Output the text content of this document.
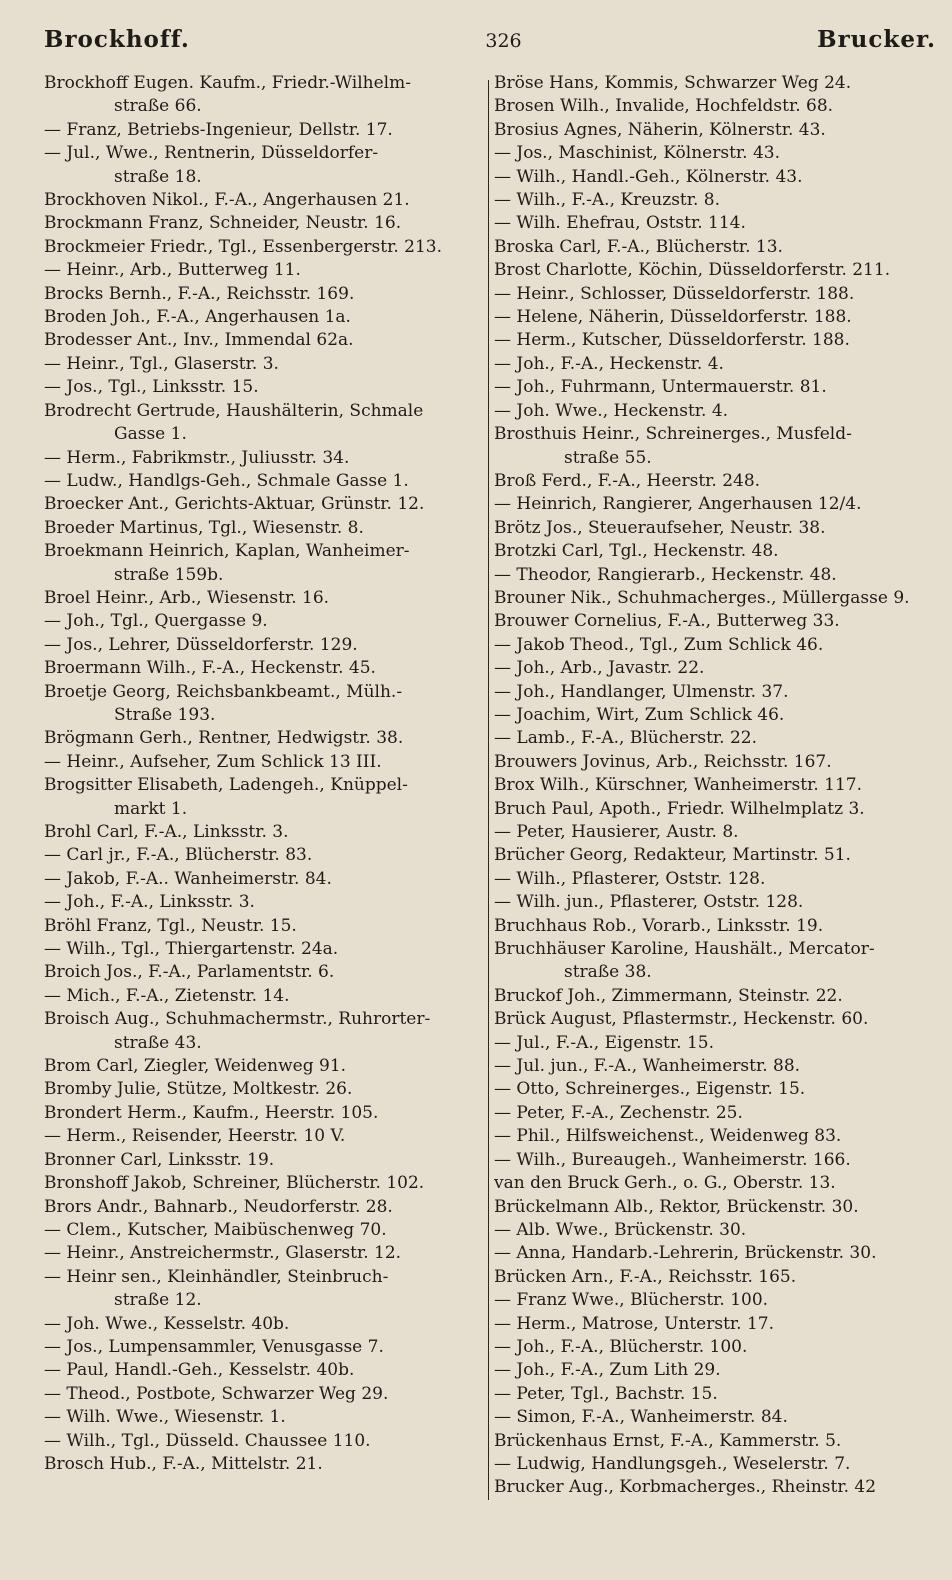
Brockhoff.	326	Brucker.
Brockhoff Eugen. Kaufm., Friedr.-Wilhelm-
straße 66.
— Franz, Betriebs-Ingenieur, Dellstr. 17.
— Jul., Wwe., Rentnerin, Düsseldorfer-
straße 18.
Brockhoven Nikol., F.-A., Angerhausen 21.
Brockmann Franz, Schneider, Neustr. 16.
Brockmeier Friedr., Tgl., Essenbergerstr. 213.
— Heinr., Arb., Butterweg 11.
Brocks Bernh., F.-A., Reichsstr. 169.
Broden Joh., F.-A., Angerhausen 1a.
Brodesser Ant., Inv., Immendal 62a.
— Heinr., Tgl., Glaserstr. 3.
— Jos., Tgl., Linksstr. 15.
Brodrecht Gertrude, Haushälterin, Schmale
Gasse 1.
— Herm., Fabrikmstr., Juliusstr. 34.
— Ludw., Handlgs-Geh., Schmale Gasse 1.
Broecker Ant., Gerichts-Aktuar, Grünstr. 12.
Broeder Martinus, Tgl., Wiesenstr. 8.
Broekmann Heinrich, Kaplan, Wanheimer-
straße 159b.
Broel Heinr., Arb., Wiesenstr. 16.
— Joh., Tgl., Quergasse 9.
— Jos., Lehrer, Düsseldorferstr. 129.
Broermann Wilh., F.-A., Heckenstr. 45.
Broetje Georg, Reichsbankbeamt., Mülh.-
Straße 193.
Brögmann Gerh., Rentner, Hedwigstr. 38.
— Heinr., Aufseher, Zum Schlick 13 III.
Brogsitter Elisabeth, Ladengeh., Knüppel-
markt 1.
Brohl Carl, F.-A., Linksstr. 3.
— Carl jr., F.-A., Blücherstr. 83.
— Jakob, F.-A.. Wanheimerstr. 84.
— Joh., F.-A., Linksstr. 3.
Bröhl Franz, Tgl., Neustr. 15.
— Wilh., Tgl., Thiergartenstr. 24a.
Broich Jos., F.-A., Parlamentstr. 6.
— Mich., F.-A., Zietenstr. 14.
Broisch Aug., Schuhmachermstr., Ruhrorter-
straße 43.
Brom Carl, Ziegler, Weidenweg 91.
Bromby Julie, Stütze, Moltkestr. 26.
Brondert Herm., Kaufm., Heerstr. 105.
— Herm., Reisender, Heerstr. 10 V.
Bronner Carl, Linksstr. 19.
Bronshoff Jakob, Schreiner, Blücherstr. 102.
Brors Andr., Bahnarb., Neudorferstr. 28.
— Clem., Kutscher, Maibüschenweg 70.
— Heinr., Anstreichermstr., Glaserstr. 12.
— Heinr sen., Kleinhändler, Steinbruch-
straße 12.
— Joh. Wwe., Kesselstr. 40b.
— Jos., Lumpensammler, Venusgasse 7.
— Paul, Handl.-Geh., Kesselstr. 40b.
— Theod., Postbote, Schwarzer Weg 29.
— Wilh. Wwe., Wiesenstr. 1.
— Wilh., Tgl., Düsseld. Chaussee 110.
Brosch Hub., F.-A., Mittelstr. 21.
Bröse Hans, Kommis, Schwarzer Weg 24.
Brosen Wilh., Invalide, Hochfeldstr. 68.
Brosius Agnes, Näherin, Kölnerstr. 43.
— Jos., Maschinist, Kölnerstr. 43.
— Wilh., Handl.-Geh., Kölnerstr. 43.
— Wilh., F.-A., Kreuzstr. 8.
— Wilh. Ehefrau, Oststr. 114.
Broska Carl, F.-A., Blücherstr. 13.
Brost Charlotte, Köchin, Düsseldorferstr. 211.
— Heinr., Schlosser, Düsseldorferstr. 188.
— Helene, Näherin, Düsseldorferstr. 188.
— Herm., Kutscher, Düsseldorferstr. 188.
— Joh., F.-A., Heckenstr. 4.
— Joh., Fuhrmann, Untermauerstr. 81.
— Joh. Wwe., Heckenstr. 4.
Brosthuis Heinr., Schreinerges., Musfeld-
straße 55.
Broß Ferd., F.-A., Heerstr. 248.
— Heinrich, Rangierer, Angerhausen 12/4.
Brötz Jos., Steueraufseher, Neustr. 38.
Brotzki Carl, Tgl., Heckenstr. 48.
— Theodor, Rangierarb., Heckenstr. 48.
Brouner Nik., Schuhmacherges., Müllergasse 9.
Brouwer Cornelius, F.-A., Butterweg 33.
— Jakob Theod., Tgl., Zum Schlick 46.
— Joh., Arb., Javastr. 22.
— Joh., Handlanger, Ulmenstr. 37.
— Joachim, Wirt, Zum Schlick 46.
— Lamb., F.-A., Blücherstr. 22.
Brouwers Jovinus, Arb., Reichsstr. 167.
Brox Wilh., Kürschner, Wanheimerstr. 117.
Bruch Paul, Apoth., Friedr. Wilhelmplatz 3.
— Peter, Hausierer, Austr. 8.
Brücher Georg, Redakteur, Martinstr. 51.
— Wilh., Pflasterer, Oststr. 128.
— Wilh. jun., Pflasterer, Oststr. 128.
Bruchhaus Rob., Vorarb., Linksstr. 19.
Bruchhäuser Karoline, Haushält., Mercator-
straße 38.
Bruckof Joh., Zimmermann, Steinstr. 22.
Brück August, Pflastermstr., Heckenstr. 60.
— Jul., F.-A., Eigenstr. 15.
— Jul. jun., F.-A., Wanheimerstr. 88.
— Otto, Schreinerges., Eigenstr. 15.
— Peter, F.-A., Zechenstr. 25.
— Phil., Hilfsweichenst., Weidenweg 83.
— Wilh., Bureaugeh., Wanheimerstr. 166.
van den Bruck Gerh., o. G., Oberstr. 13.
Brückelmann Alb., Rektor, Brückenstr. 30.
— Alb. Wwe., Brückenstr. 30.
— Anna, Handarb.-Lehrerin, Brückenstr. 30.
Brücken Arn., F.-A., Reichsstr. 165.
— Franz Wwe., Blücherstr. 100.
— Herm., Matrose, Unterstr. 17.
— Joh., F.-A., Blücherstr. 100.
— Joh., F.-A., Zum Lith 29.
— Peter, Tgl., Bachstr. 15.
— Simon, F.-A., Wanheimerstr. 84.
Brückenhaus Ernst, F.-A., Kammerstr. 5.
— Ludwig, Handlungsgeh., Weselerstr. 7.
Brucker Aug., Korbmacherges., Rheinstr. 42
